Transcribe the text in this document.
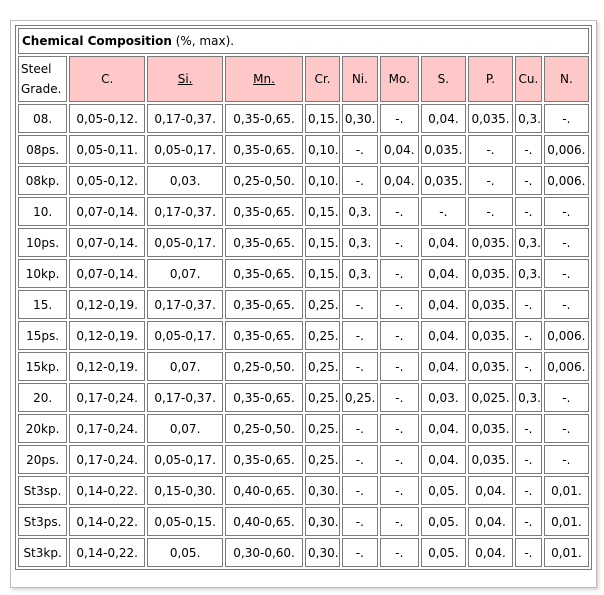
Chemical Composition (%, max).										
Steel Grade.	C.	Si.	Mn.	Cr.	Ni.	Mo.	S.	P.	Cu.	N.
08.	0,05-0,12.	0,17-0,37.	0,35-0,65.	0,15.	0,30.	-.	0,04.	0,035.	0,3.	-.
08ps.	0,05-0,11.	0,05-0,17.	0,35-0,65.	0,10.	-.	0,04.	0,035.	-.	-.	0,006.
08kp.	0,05-0,12.	0,03.	0,25-0,50.	0,10.	-.	0,04.	0,035.	-.	-.	0,006.
10.	0,07-0,14.	0,17-0,37.	0,35-0,65.	0,15.	0,3.	-.	-.	-.	-.	-.
10ps.	0,07-0,14.	0,05-0,17.	0,35-0,65.	0,15.	0,3.	-.	0,04.	0,035.	0,3.	-.
10kp.	0,07-0,14.	0,07.	0,35-0,65.	0,15.	0,3.	-.	0,04.	0,035.	0,3.	-.
15.	0,12-0,19.	0,17-0,37.	0,35-0,65.	0,25.	-.	-.	0,04.	0,035.	-.	-.
15ps.	0,12-0,19.	0,05-0,17.	0,35-0,65.	0,25.	-.	-.	0,04.	0,035.	-.	0,006.
15kp.	0,12-0,19.	0,07.	0,25-0,50.	0,25.	-.	-.	0,04.	0,035.	-.	0,006.
20.	0,17-0,24.	0,17-0,37.	0,35-0,65.	0,25.	0,25.	-.	0,03.	0,025.	0,3.	-.
20kp.	0,17-0,24.	0,07.	0,25-0,50.	0,25.	-.	-.	0,04.	0,035.	-.	-.
20ps.	0,17-0,24.	0,05-0,17.	0,35-0,65.	0,25.	-.	-.	0,04.	0,035.	-.	-.
St3sp.	0,14-0,22.	0,15-0,30.	0,40-0,65.	0,30.	-.	-.	0,05.	0,04.	-.	0,01.
St3ps.	0,14-0,22.	0,05-0,15.	0,40-0,65.	0,30.	-.	-.	0,05.	0,04.	-.	0,01.
St3kp.	0,14-0,22.	0,05.	0,30-0,60.	0,30.	-.	-.	0,05.	0,04.	-.	0,01.
